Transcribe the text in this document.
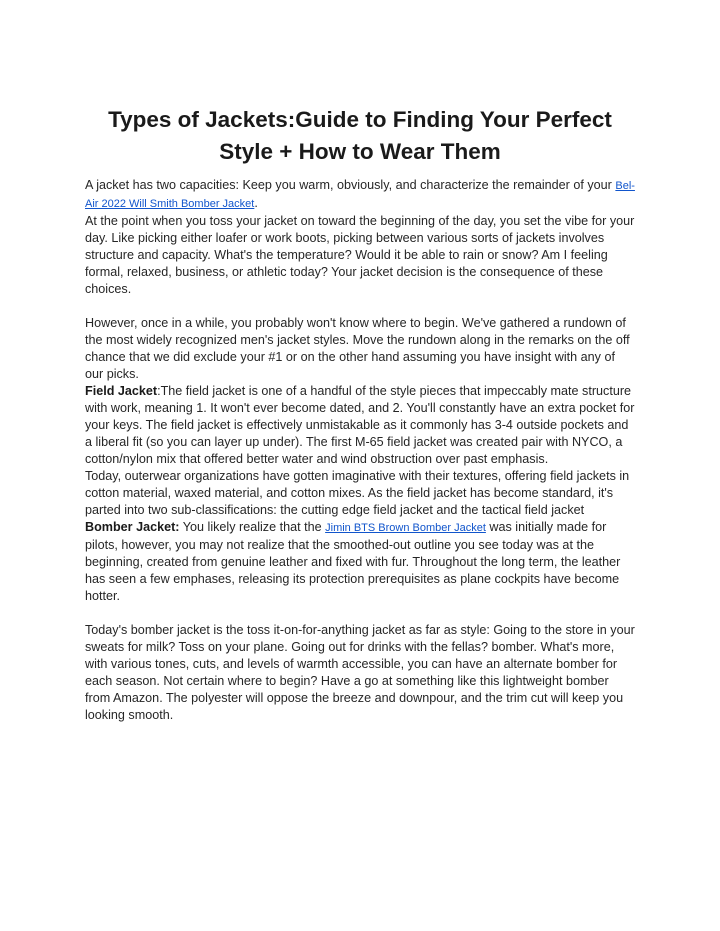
Types of Jackets:Guide to Finding Your Perfect Style + How to Wear Them

A jacket has two capacities: Keep you warm, obviously, and characterize the remainder of your Bel-Air 2022 Will Smith Bomber Jacket.

At the point when you toss your jacket on toward the beginning of the day, you set the vibe for your day. Like picking either loafer or work boots, picking between various sorts of jackets involves structure and capacity. What's the temperature? Would it be able to rain or snow? Am I feeling formal, relaxed, business, or athletic today? Your jacket decision is the consequence of these choices.

However, once in a while, you probably won't know where to begin. We've gathered a rundown of the most widely recognized men's jacket styles. Move the rundown along in the remarks on the off chance that we did exclude your #1 or on the other hand assuming you have insight with any of our picks.

Field Jacket:The field jacket is one of a handful of the style pieces that impeccably mate structure with work, meaning 1. It won't ever become dated, and 2. You'll constantly have an extra pocket for your keys. The field jacket is effectively unmistakable as it commonly has 3-4 outside pockets and a liberal fit (so you can layer up under). The first M-65 field jacket was created pair with NYCO, a cotton/nylon mix that offered better water and wind obstruction over past emphasis.

Today, outerwear organizations have gotten imaginative with their textures, offering field jackets in cotton material, waxed material, and cotton mixes. As the field jacket has become standard, it's parted into two sub-classifications: the cutting edge field jacket and the tactical field jacket

Bomber Jacket: You likely realize that the Jimin BTS Brown Bomber Jacket was initially made for pilots, however, you may not realize that the smoothed-out outline you see today was at the beginning, created from genuine leather and fixed with fur. Throughout the long term, the leather has seen a few emphases, releasing its protection prerequisites as plane cockpits have become hotter.

Today's bomber jacket is the toss it-on-for-anything jacket as far as style: Going to the store in your sweats for milk? Toss on your plane. Going out for drinks with the fellas? bomber. What's more, with various tones, cuts, and levels of warmth accessible, you can have an alternate bomber for each season. Not certain where to begin? Have a go at something like this lightweight bomber from Amazon. The polyester will oppose the breeze and downpour, and the trim cut will keep you looking smooth.
